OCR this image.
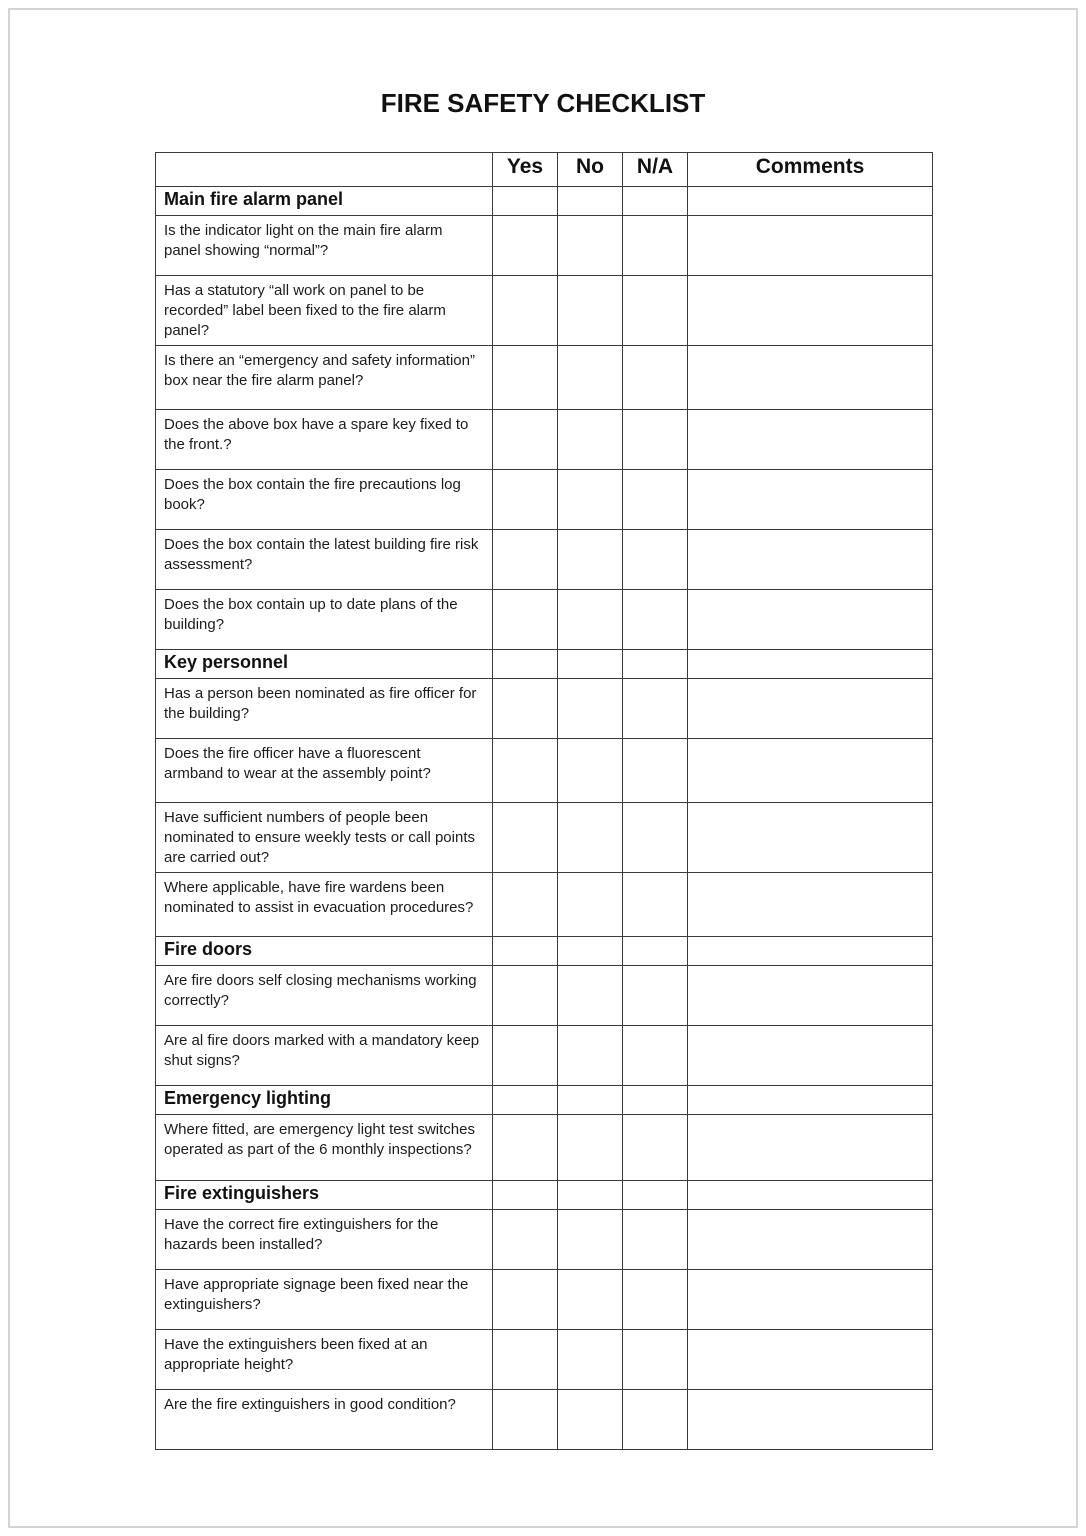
FIRE SAFETY CHECKLIST
	Yes	No	N/A	Comments
Main fire alarm panel				
Is the indicator light on the main fire alarm panel showing “normal”?				
Has a statutory “all work on panel to be recorded” label been fixed to the fire alarm panel?				
Is there an “emergency and safety information” box near the fire alarm panel?				
Does the above box have a spare key fixed to the front.?				
Does the box contain the fire precautions log book?				
Does the box contain the latest building fire risk assessment?				
Does the box contain up to date plans of the building?				
Key personnel				
Has a person been nominated as fire officer for the building?				
Does the fire officer have a fluorescent armband to wear at the assembly point?				
Have sufficient numbers of people been nominated to ensure weekly tests or call points are carried out?				
Where applicable, have fire wardens been nominated to assist in evacuation procedures?				
Fire doors				
Are fire doors self closing mechanisms working correctly?				
Are al fire doors marked with a mandatory keep shut signs?				
Emergency lighting				
Where fitted, are emergency light test switches operated as part of the 6 monthly inspections?				
Fire extinguishers				
Have the correct fire extinguishers for the hazards been installed?				
Have appropriate signage been fixed near the extinguishers?				
Have the extinguishers been fixed at an appropriate height?				
Are the fire extinguishers in good condition?				
